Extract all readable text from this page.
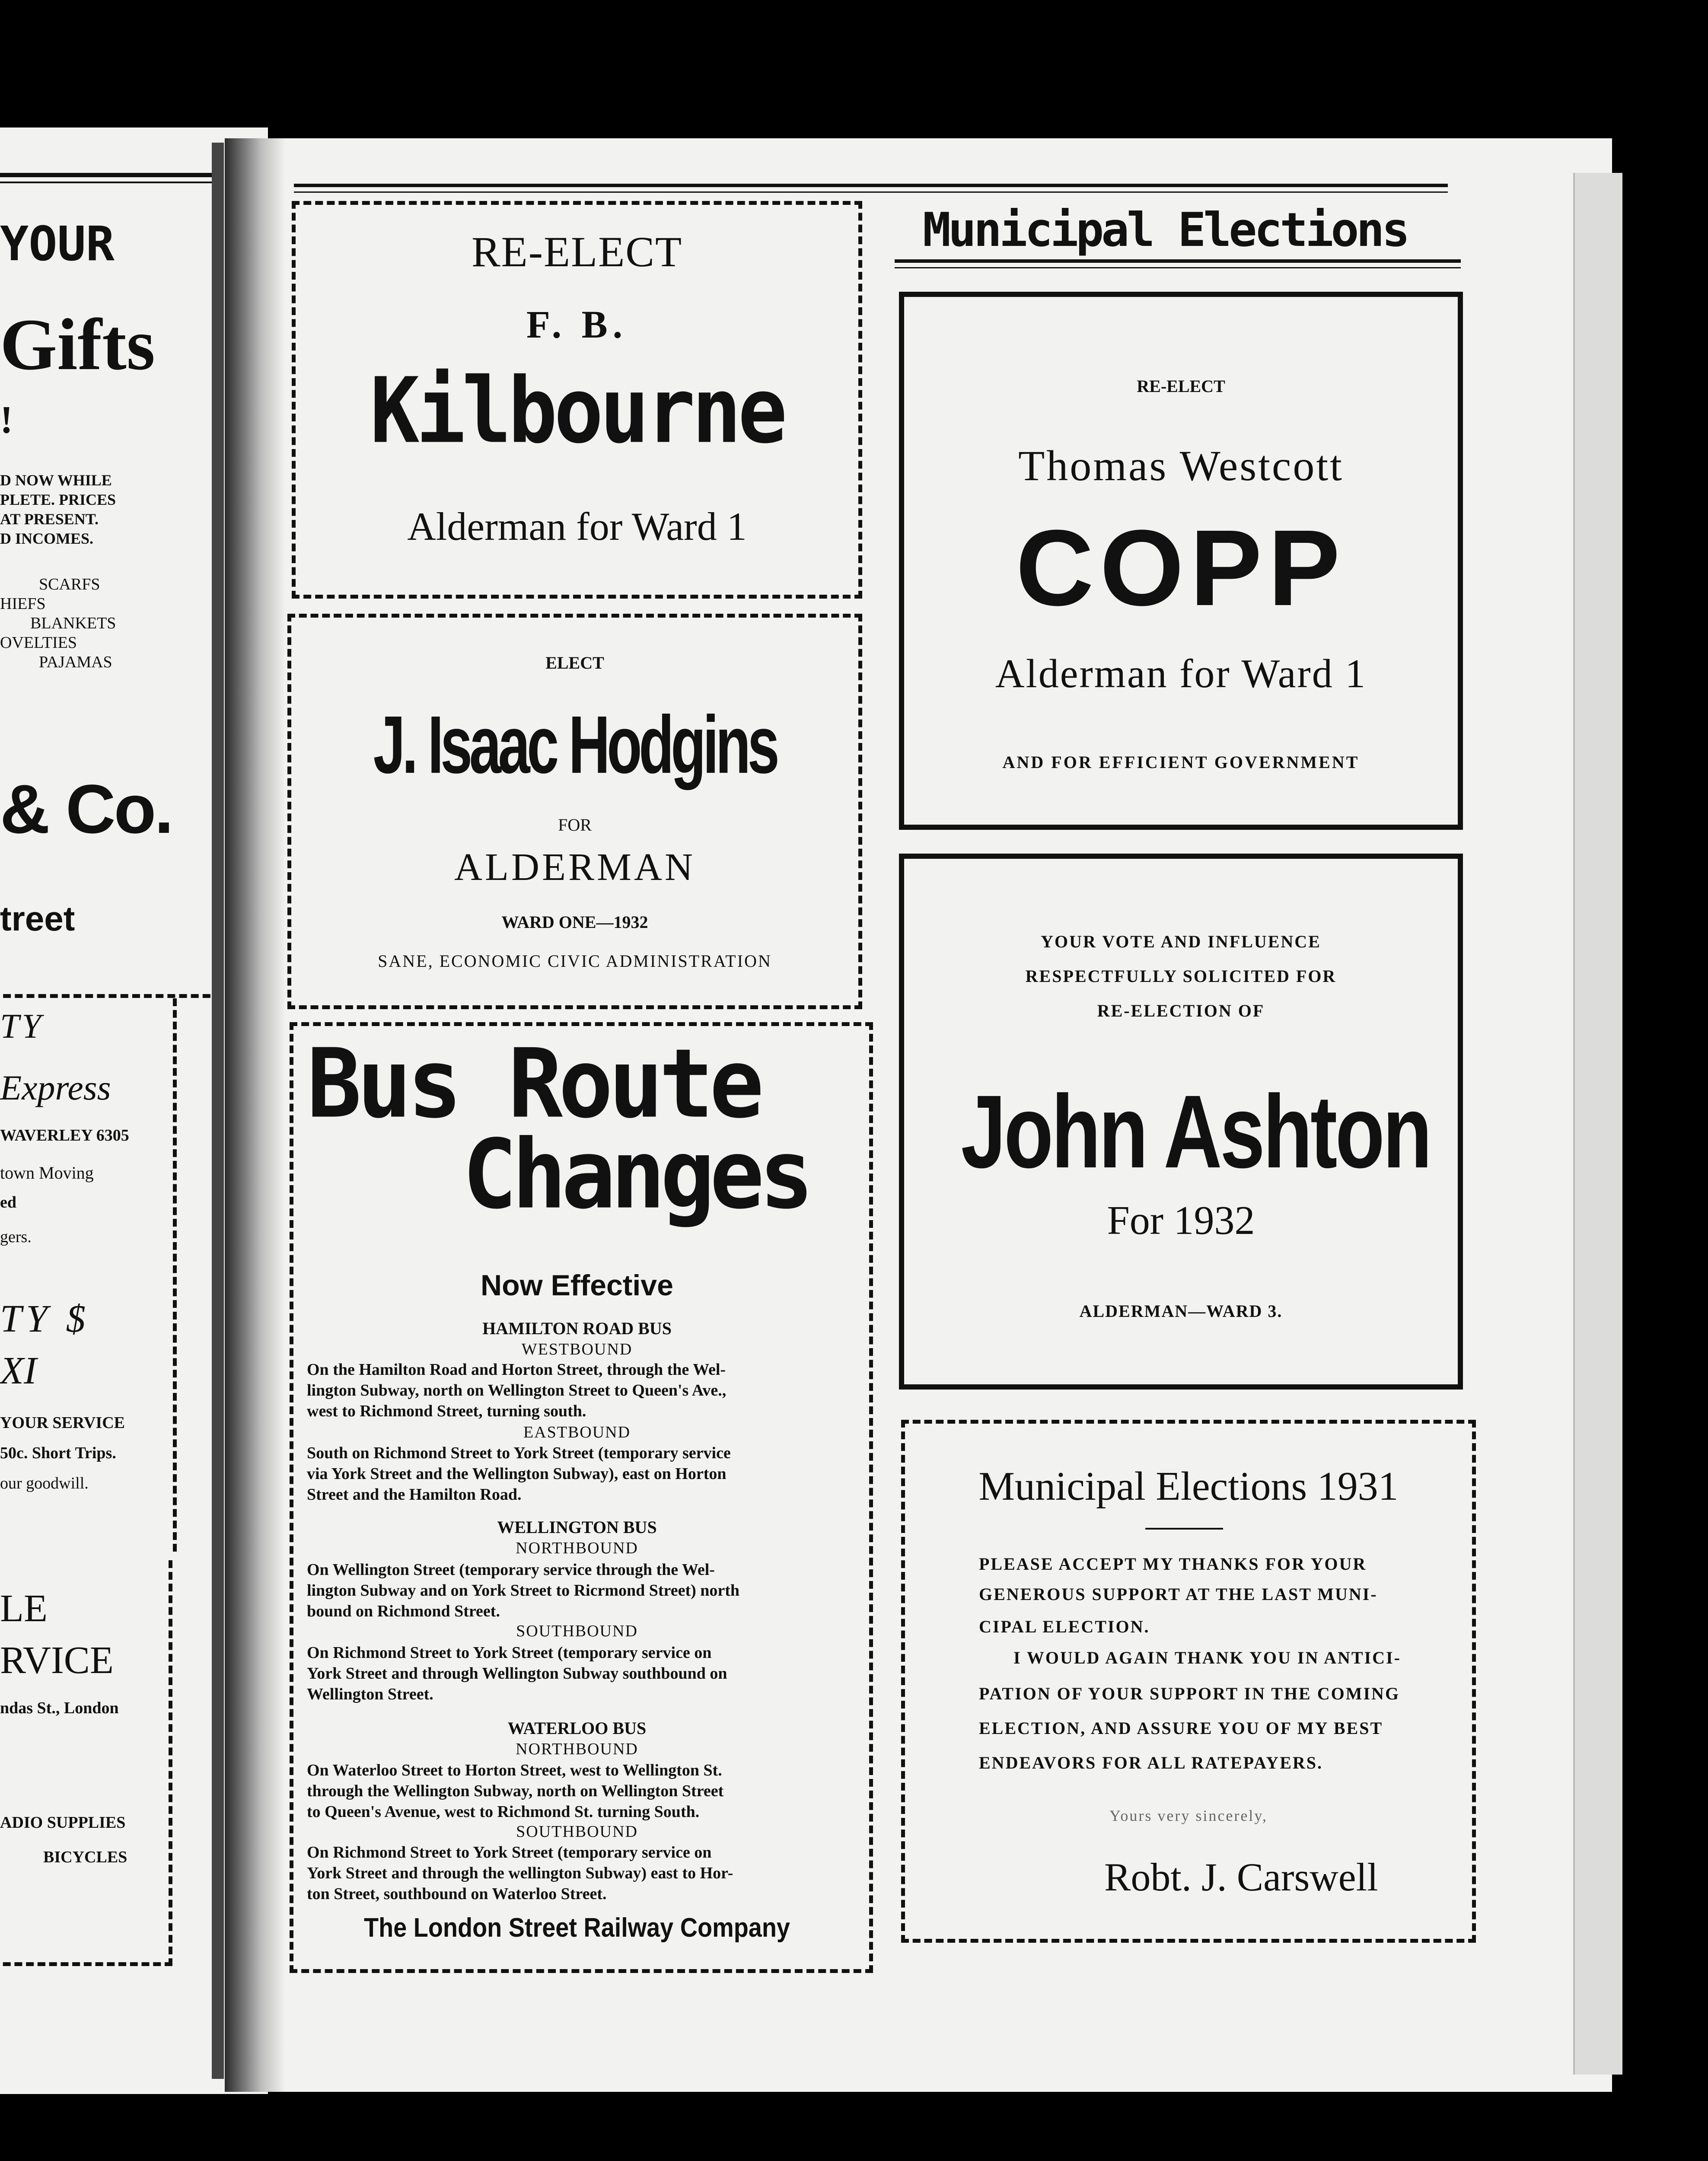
YOUR
Gifts
!
D NOW WHILE
PLETE. PRICES
AT PRESENT.
D INCOMES.
SCARFS
HIEFS
BLANKETS
OVELTIES
PAJAMAS
& Co.
treet
TY
Express
WAVERLEY 6305
town Moving
ed
gers.
TY $
XI
YOUR SERVICE
50c. Short Trips.
our goodwill.
LE
RVICE
ndas St., London
ADIO SUPPLIES
BICYCLES
RE-ELECT
F. B.
Kilbourne
Alderman for Ward 1
ELECT
J. Isaac Hodgins
FOR
ALDERMAN
WARD ONE—1932
SANE, ECONOMIC CIVIC ADMINISTRATION
Bus Route
Changes
Now Effective
HAMILTON ROAD BUS
WESTBOUND
On the Hamilton Road and Horton Street, through the Wel-
lington Subway, north on Wellington Street to Queen's Ave.,
west to Richmond Street, turning south.
EASTBOUND
South on Richmond Street to York Street (temporary service
via York Street and the Wellington Subway), east on Horton
Street and the Hamilton Road.
WELLINGTON BUS
NORTHBOUND
On Wellington Street (temporary service through the Wel-
lington Subway and on York Street to Ricrmond Street) north
bound on Richmond Street.
SOUTHBOUND
On Richmond Street to York Street (temporary service on
York Street and through Wellington Subway southbound on
Wellington Street.
WATERLOO BUS
NORTHBOUND
On Waterloo Street to Horton Street, west to Wellington St.
through the Wellington Subway, north on Wellington Street
to Queen's Avenue, west to Richmond St. turning South.
SOUTHBOUND
On Richmond Street to York Street (temporary service on
York Street and through the wellington Subway) east to Hor-
ton Street, southbound on Waterloo Street.
The London Street Railway Company
Municipal Elections
RE-ELECT
Thomas Westcott
COPP
Alderman for Ward 1
AND FOR EFFICIENT GOVERNMENT
YOUR VOTE AND INFLUENCE
RESPECTFULLY SOLICITED FOR
RE-ELECTION OF
John Ashton
For 1932
ALDERMAN—WARD 3.
Municipal Elections 1931
PLEASE ACCEPT MY THANKS FOR YOUR
GENEROUS SUPPORT AT THE LAST MUNI-
CIPAL ELECTION.
I WOULD AGAIN THANK YOU IN ANTICI-
PATION OF YOUR SUPPORT IN THE COMING
ELECTION, AND ASSURE YOU OF MY BEST
ENDEAVORS FOR ALL RATEPAYERS.
Yours very sincerely,
Robt. J. Carswell
